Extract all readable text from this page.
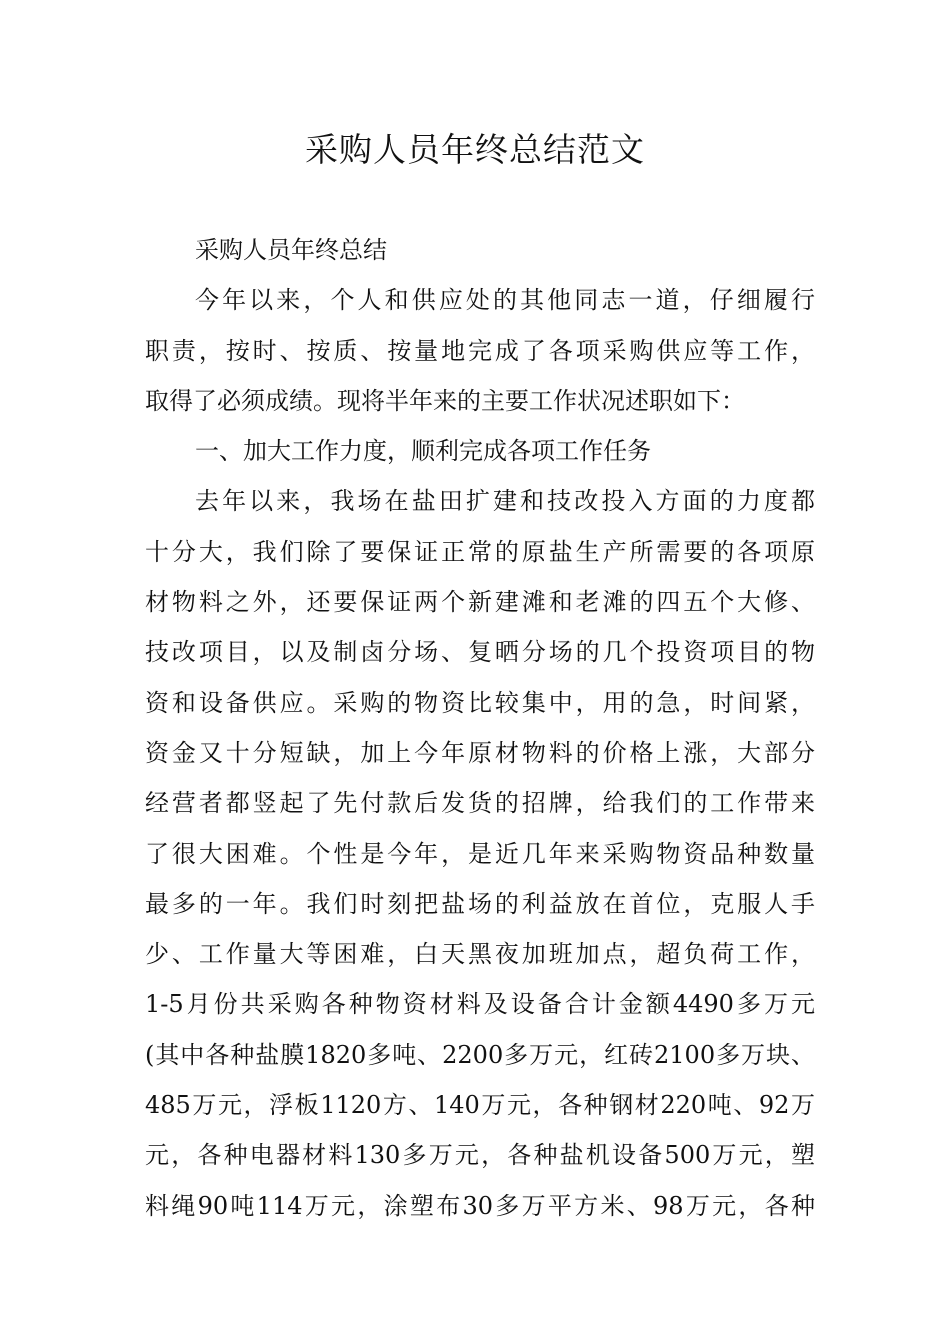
采购人员年终总结范文
采购人员年终总结
今年以来，个人和供应处的其他同志一道，仔细履行
职责，按时、按质、按量地完成了各项采购供应等工作，
取得了必须成绩。现将半年来的主要工作状况述职如下：
一、加大工作力度，顺利完成各项工作任务
去年以来，我场在盐田扩建和技改投入方面的力度都
十分大，我们除了要保证正常的原盐生产所需要的各项原
材物料之外，还要保证两个新建滩和老滩的四五个大修、
技改项目，以及制卤分场、复晒分场的几个投资项目的物
资和设备供应。采购的物资比较集中，用的急，时间紧，
资金又十分短缺，加上今年原材物料的价格上涨，大部分
经营者都竖起了先付款后发货的招牌，给我们的工作带来
了很大困难。个性是今年，是近几年来采购物资品种数量
最多的一年。我们时刻把盐场的利益放在首位，克服人手
少、工作量大等困难，白天黑夜加班加点，超负荷工作，
1-5月份共采购各种物资材料及设备合计金额4490多万元
(其中各种盐膜1820多吨、2200多万元，红砖2100多万块、
485万元，浮板1120方、140万元，各种钢材220吨、92万
元，各种电器材料130多万元，各种盐机设备500万元，塑
料绳90吨114万元，涂塑布30多万平方米、98万元，各种
